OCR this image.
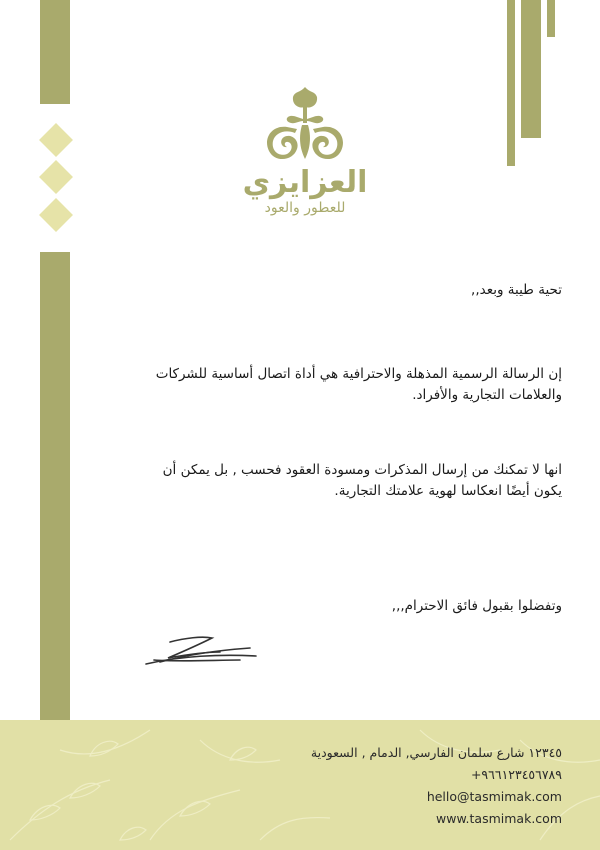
العزايزي
للعطور والعود
تحية طيبة وبعد,,
إن الرسالة الرسمية المذهلة والاحترافية هي أداة اتصال أساسية للشركات والعلامات التجارية والأفراد.
انها لا تمكنك من إرسال المذكرات ومسودة العقود فحسب , بل يمكن أن يكون أيضًا انعكاسا لهوية علامتك التجارية.
وتفضلوا بقبول فائق الاحترام,,,
١٢٣٤٥ شارع سلمان الفارسي, الدمام , السعودية
+٩٦٦١٢٣٤٥٦٧٨٩
hello@tasmimak.com
www.tasmimak.com
